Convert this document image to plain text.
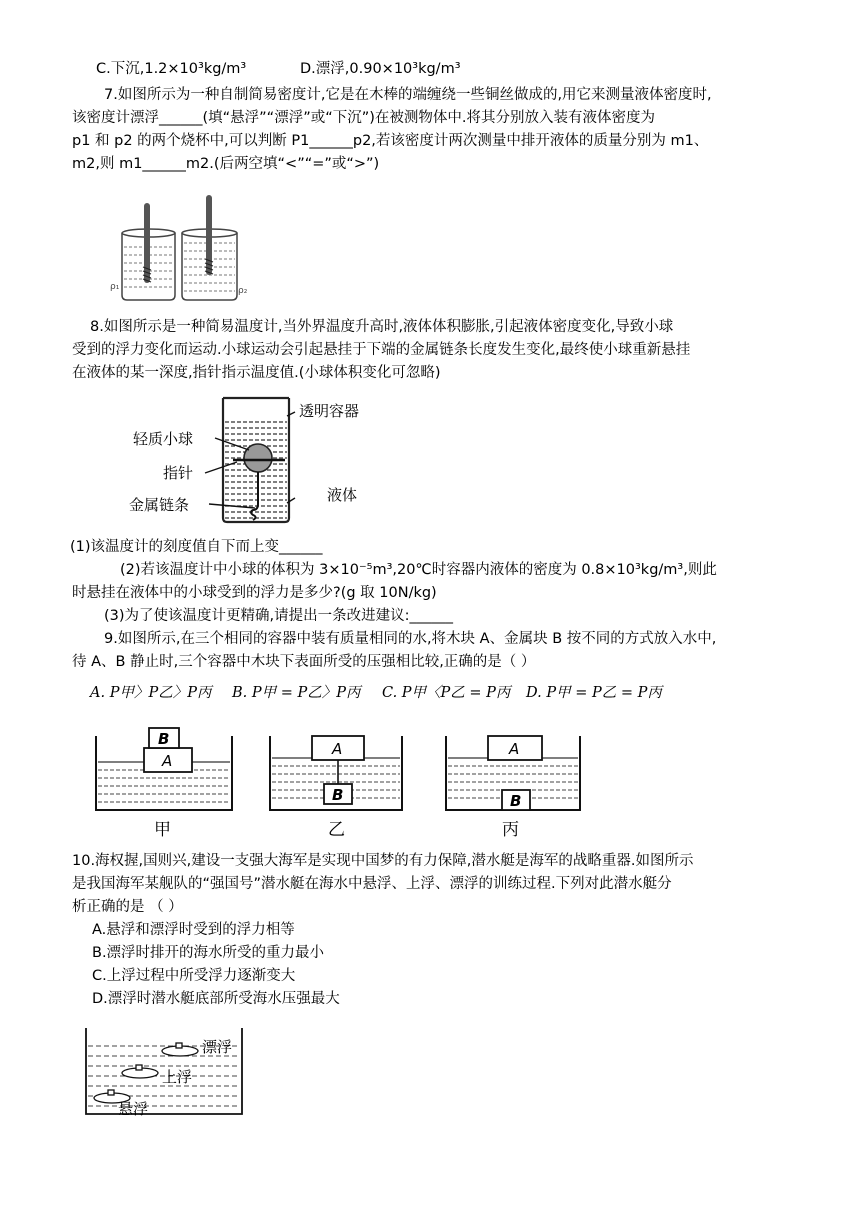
C.下沉,1.2×10³kg/m³	D.漂浮,0.90×10³kg/m³
7.如图所示为一种自制简易密度计,它是在木棒的端缠绕一些铜丝做成的,用它来测量液体密度时,
该密度计漂浮______(填“悬浮”“漂浮”或“下沉”)在被测物体中.将其分别放入装有液体密度为
p1 和 p2 的两个烧杯中,可以判断 P1______p2,若该密度计两次测量中排开液体的质量分别为 m1、
m2,则 m1______m2.(后两空填“<”“=”或“>”)
ρ₁	ρ₂
8.如图所示是一种简易温度计,当外界温度升高时,液体体积膨胀,引起液体密度变化,导致小球
受到的浮力变化而运动.小球运动会引起悬挂于下端的金属链条长度发生变化,最终使小球重新悬挂
在液体的某一深度,指针指示温度值.(小球体积变化可忽略)
透明容器
轻质小球
指针
金属链条
液体
(1)该温度计的刻度值自下而上变______
(2)若该温度计中小球的体积为 3×10⁻⁵m³,20℃时容器内液体的密度为 0.8×10³kg/m³,则此
时悬挂在液体中的小球受到的浮力是多少?(g 取 10N/kg)
(3)为了使该温度计更精确,请提出一条改进建议:______
9.如图所示,在三个相同的容器中装有质量相同的水,将木块 A、金属块 B 按不同的方式放入水中,
待 A、B 静止时,三个容器中木块下表面所受的压强相比较,正确的是（ ）
A. P甲〉P乙〉P丙 B. P甲 = P乙〉P丙 C. P甲〈P乙 = P丙 D. P甲 = P乙 = P丙
A
B
甲
A
B
乙
A
B
丙
10.海权握,国则兴,建设一支强大海军是实现中国梦的有力保障,潜水艇是海军的战略重器.如图所示
是我国海军某舰队的“强国号”潜水艇在海水中悬浮、上浮、漂浮的训练过程.下列对此潜水艇分
析正确的是 （ ）
A.悬浮和漂浮时受到的浮力相等
B.漂浮时排开的海水所受的重力最小
C.上浮过程中所受浮力逐渐变大
D.漂浮时潜水艇底部所受海水压强最大
漂浮
上浮
悬浮
